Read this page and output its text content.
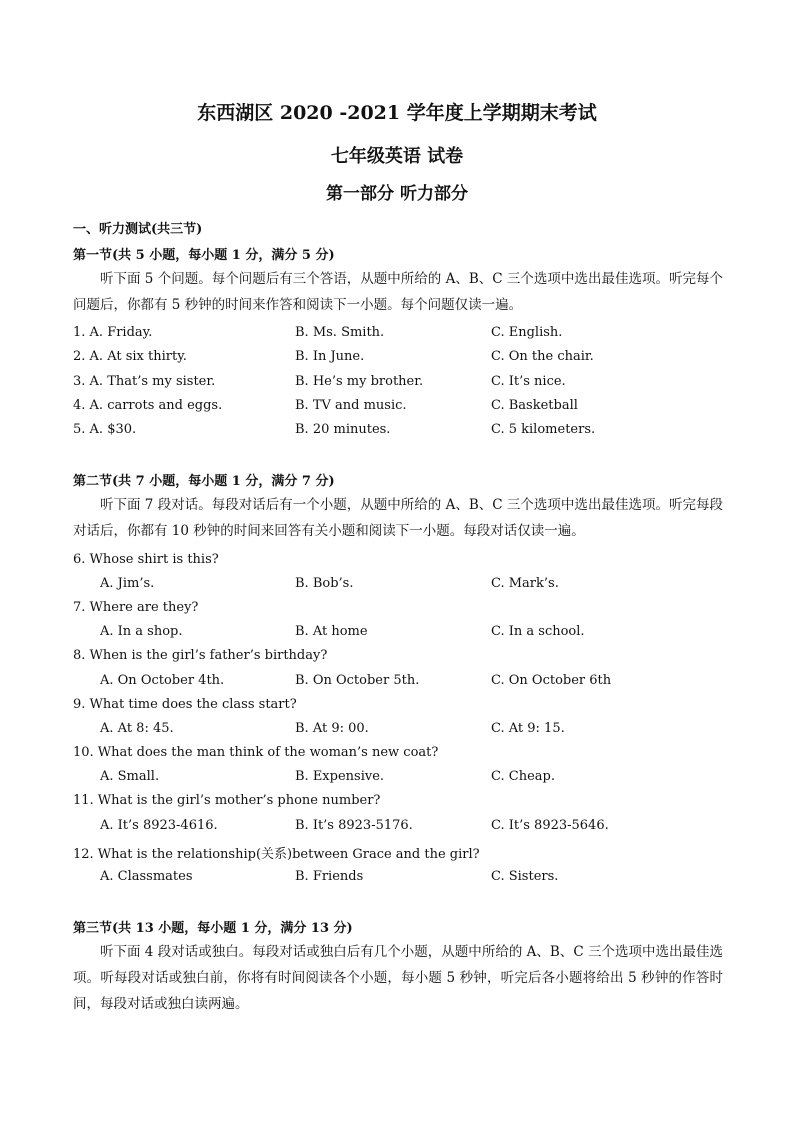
东西湖区 2020 -2021 学年度上学期期末考试
七年级英语 试卷
第一部分 听力部分
一、听力测试(共三节)
第一节(共 5 小题，每小题 1 分，满分 5 分)
听下面 5 个问题。每个问题后有三个答语，从题中所给的 A、B、C 三个选项中选出最佳选项。听完每个问题后，你都有 5 秒钟的时间来作答和阅读下一小题。每个问题仅读一遍。
1. A. Friday.	B. Ms. Smith.	C. English.
2. A. At six thirty.	B. In June.	C. On the chair.
3. A. That’s my sister.	B. He’s my brother.	C. It’s nice.
4. A. carrots and eggs.	B. TV and music.	C. Basketball
5. A. $30.	B. 20 minutes.	C. 5 kilometers.
第二节(共 7 小题，每小题 1 分，满分 7 分)
听下面 7 段对话。每段对话后有一个小题，从题中所给的 A、B、C 三个选项中选出最佳选项。听完每段对话后，你都有 10 秒钟的时间来回答有关小题和阅读下一小题。每段对话仅读一遍。
6. Whose shirt is this?
A. Jim’s.	B. Bob’s.	C. Mark’s.
7. Where are they?
A. In a shop.	B. At home	C. In a school.
8. When is the girl’s father’s birthday?
A. On October 4th.	B. On October 5th.	C. On October 6th
9. What time does the class start?
A. At 8: 45.	B. At 9: 00.	C. At 9: 15.
10. What does the man think of the woman’s new coat?
A. Small.	B. Expensive.	C. Cheap.
11. What is the girl’s mother’s phone number?
A. It’s 8923-4616.	B. It’s 8923-5176.	C. It’s 8923-5646.
12. What is the relationship(关系)between Grace and the girl?
A. Classmates	B. Friends	C. Sisters.
第三节(共 13 小题，每小题 1 分，满分 13 分)
听下面 4 段对话或独白。每段对话或独白后有几个小题，从题中所给的 A、B、C 三个选项中选出最佳选项。听每段对话或独白前，你将有时间阅读各个小题，每小题 5 秒钟，听完后各小题将给出 5 秒钟的作答时间，每段对话或独白读两遍。
